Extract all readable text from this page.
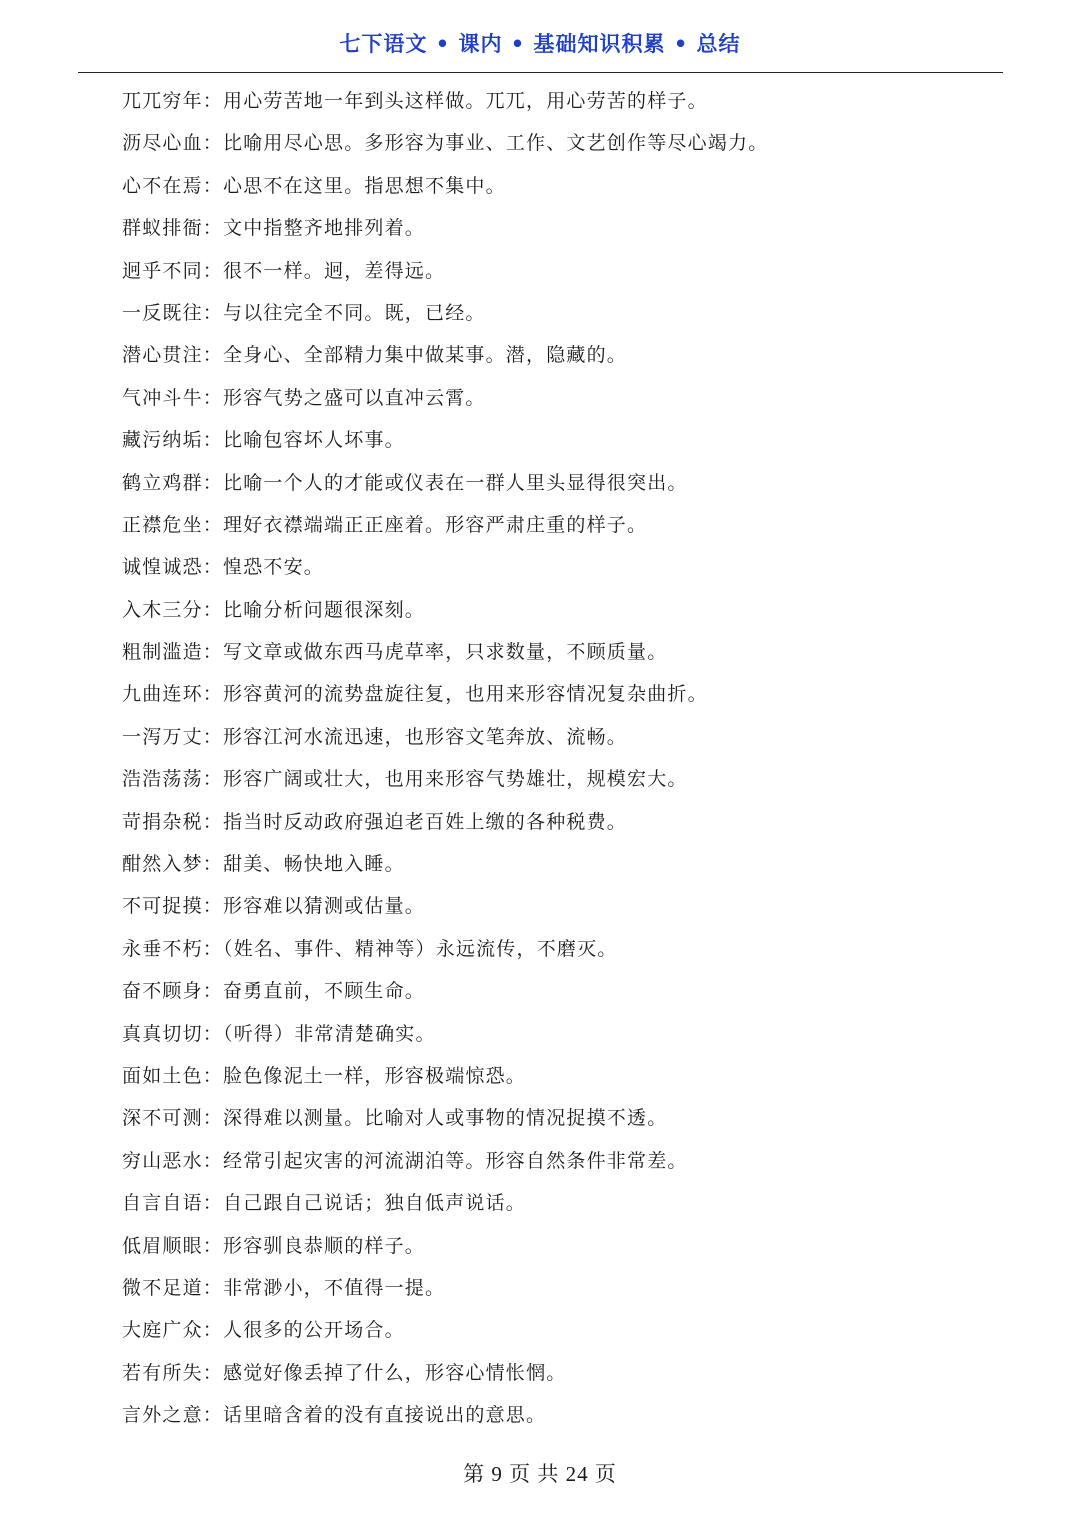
七下语文 • 课内 • 基础知识积累 • 总结
兀兀穷年：用心劳苦地一年到头这样做。兀兀，用心劳苦的样子。
沥尽心血：比喻用尽心思。多形容为事业、工作、文艺创作等尽心竭力。
心不在焉：心思不在这里。指思想不集中。
群蚁排衙：文中指整齐地排列着。
迥乎不同：很不一样。迥，差得远。
一反既往：与以往完全不同。既，已经。
潜心贯注：全身心、全部精力集中做某事。潜，隐藏的。
气冲斗牛：形容气势之盛可以直冲云霄。
藏污纳垢：比喻包容坏人坏事。
鹤立鸡群：比喻一个人的才能或仪表在一群人里头显得很突出。
正襟危坐：理好衣襟端端正正座着。形容严肃庄重的样子。
诚惶诚恐：惶恐不安。
入木三分：比喻分析问题很深刻。
粗制滥造：写文章或做东西马虎草率，只求数量，不顾质量。
九曲连环：形容黄河的流势盘旋往复，也用来形容情况复杂曲折。
一泻万丈：形容江河水流迅速，也形容文笔奔放、流畅。
浩浩荡荡：形容广阔或壮大，也用来形容气势雄壮，规模宏大。
苛捐杂税：指当时反动政府强迫老百姓上缴的各种税费。
酣然入梦：甜美、畅快地入睡。
不可捉摸：形容难以猜测或估量。
永垂不朽：（姓名、事件、精神等）永远流传，不磨灭。
奋不顾身：奋勇直前，不顾生命。
真真切切：（听得）非常清楚确实。
面如土色：脸色像泥土一样，形容极端惊恐。
深不可测：深得难以测量。比喻对人或事物的情况捉摸不透。
穷山恶水：经常引起灾害的河流湖泊等。形容自然条件非常差。
自言自语：自己跟自己说话；独自低声说话。
低眉顺眼：形容驯良恭顺的样子。
微不足道：非常渺小，不值得一提。
大庭广众：人很多的公开场合。
若有所失：感觉好像丢掉了什么，形容心情怅惘。
言外之意：话里暗含着的没有直接说出的意思。
第 9 页 共 24 页
